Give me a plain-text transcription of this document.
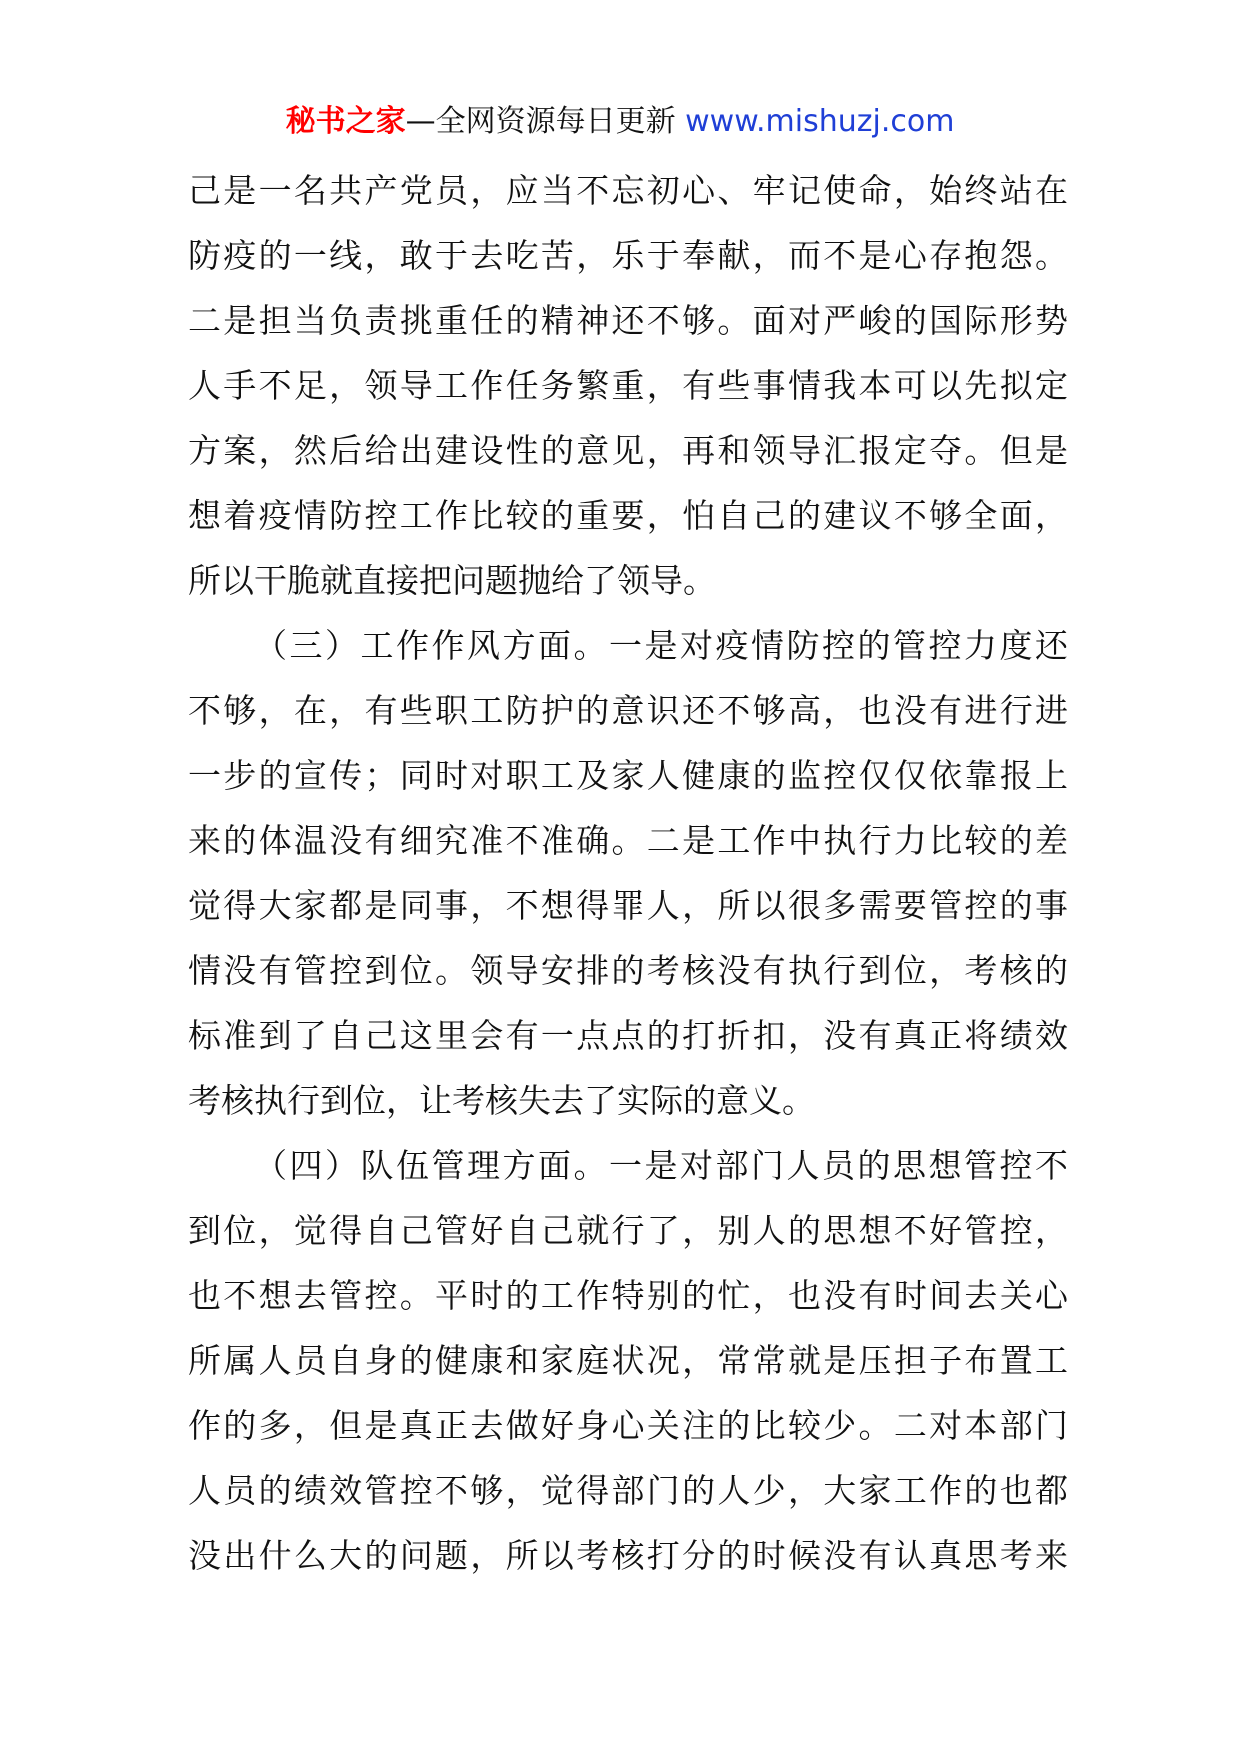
秘书之家—全网资源每日更新 www.mishuzj.com
己是一名共产党员，应当不忘初心、牢记使命，始终站在
防疫的一线，敢于去吃苦，乐于奉献，而不是心存抱怨。
二是担当负责挑重任的精神还不够。面对严峻的国际形势
人手不足，领导工作任务繁重，有些事情我本可以先拟定
方案，然后给出建设性的意见，再和领导汇报定夺。但是
想着疫情防控工作比较的重要，怕自己的建议不够全面，
所以干脆就直接把问题抛给了领导。
（三）工作作风方面。一是对疫情防控的管控力度还
不够，在，有些职工防护的意识还不够高，也没有进行进
一步的宣传；同时对职工及家人健康的监控仅仅依靠报上
来的体温没有细究准不准确。二是工作中执行力比较的差
觉得大家都是同事，不想得罪人，所以很多需要管控的事
情没有管控到位。领导安排的考核没有执行到位，考核的
标准到了自己这里会有一点点的打折扣，没有真正将绩效
考核执行到位，让考核失去了实际的意义。
（四）队伍管理方面。一是对部门人员的思想管控不
到位，觉得自己管好自己就行了，别人的思想不好管控，
也不想去管控。平时的工作特别的忙，也没有时间去关心
所属人员自身的健康和家庭状况，常常就是压担子布置工
作的多，但是真正去做好身心关注的比较少。二对本部门
人员的绩效管控不够，觉得部门的人少，大家工作的也都
没出什么大的问题，所以考核打分的时候没有认真思考来
